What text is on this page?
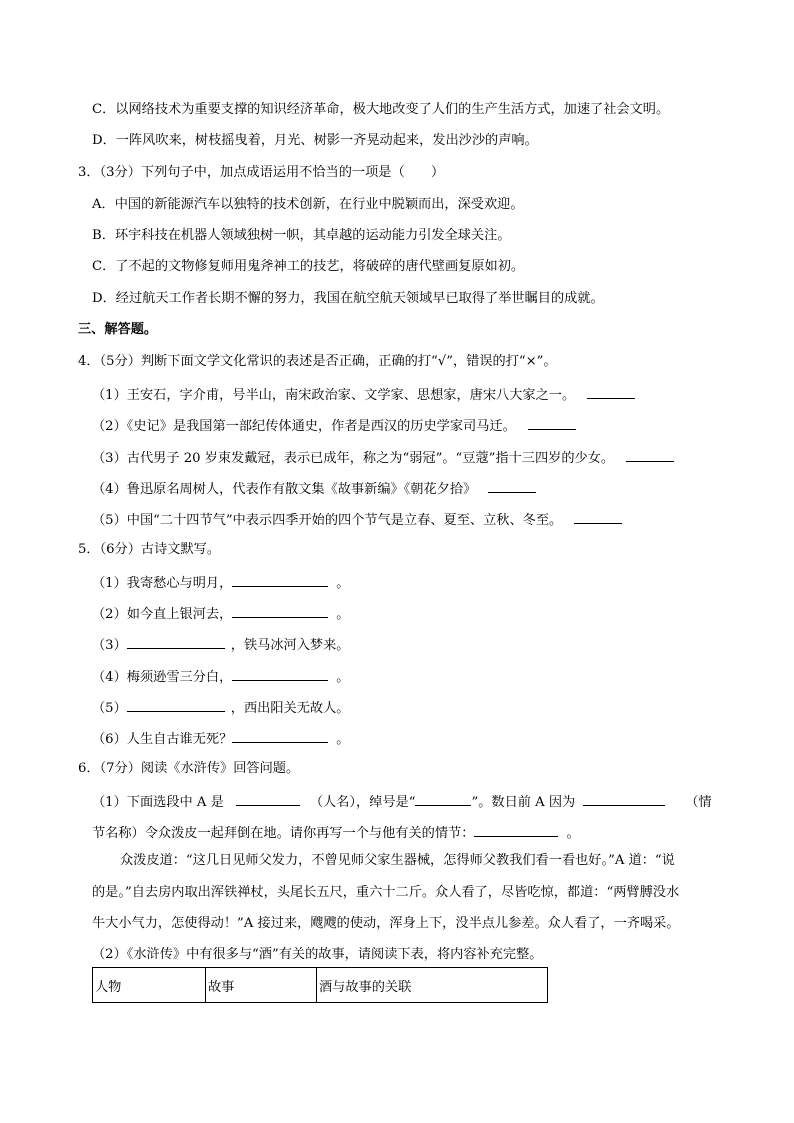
C．以网络技术为重要支撑的知识经济革命，极大地改变了人们的生产生活方式，加速了社会文明。
D．一阵风吹来，树枝摇曳着，月光、树影一齐晃动起来，发出沙沙的声响。
3．（3分）下列句子中，加点成语运用不恰当的一项是（　　）
A．中国的新能源汽车以独特的技术创新，在行业中脱颖而出，深受欢迎。
B．环宇科技在机器人领域独树一帜，其卓越的运动能力引发全球关注。
C．了不起的文物修复师用鬼斧神工的技艺，将破碎的唐代壁画复原如初。
D．经过航天工作者长期不懈的努力，我国在航空航天领域早已取得了举世瞩目的成就。
三、解答题。
4．（5分）判断下面文学文化常识的表述是否正确，正确的打“√”，错误的打“×”。
（1）王安石，字介甫，号半山，南宋政治家、文学家、思想家，唐宋八大家之一。
（2）《史记》是我国第一部纪传体通史，作者是西汉的历史学家司马迁。
（3）古代男子 20 岁束发戴冠，表示已成年，称之为“弱冠”。“豆蔻”指十三四岁的少女。
（4）鲁迅原名周树人，代表作有散文集《故事新编》《朝花夕拾》
（5）中国“二十四节气”中表示四季开始的四个节气是立春、夏至、立秋、冬至。
5．（6分）古诗文默写。
（1）我寄愁心与明月，	。
（2）如今直上银河去，	。
（3）	，铁马冰河入梦来。
（4）梅须逊雪三分白，	。
（5）	，西出阳关无故人。
（6）人生自古谁无死？	。
6．（7分）阅读《水浒传》回答问题。
（1）下面选段中 A 是	（人名），绰号是“	”。数日前 A 因为	（情
节名称）令众泼皮一起拜倒在地。请你再写一个与他有关的情节：	。
众泼皮道：“这几日见师父发力，不曾见师父家生器械，怎得师父教我们看一看也好。”A 道：“说
的是。”自去房内取出浑铁禅杖，头尾长五尺，重六十二斤。众人看了，尽皆吃惊，都道：“两臂膊没水
牛大小气力，怎使得动！”A 接过来，飕飕的使动，浑身上下，没半点儿参差。众人看了，一齐喝采。
（2）《水浒传》中有很多与“酒”有关的故事，请阅读下表，将内容补充完整。
人物	故事	酒与故事的关联
